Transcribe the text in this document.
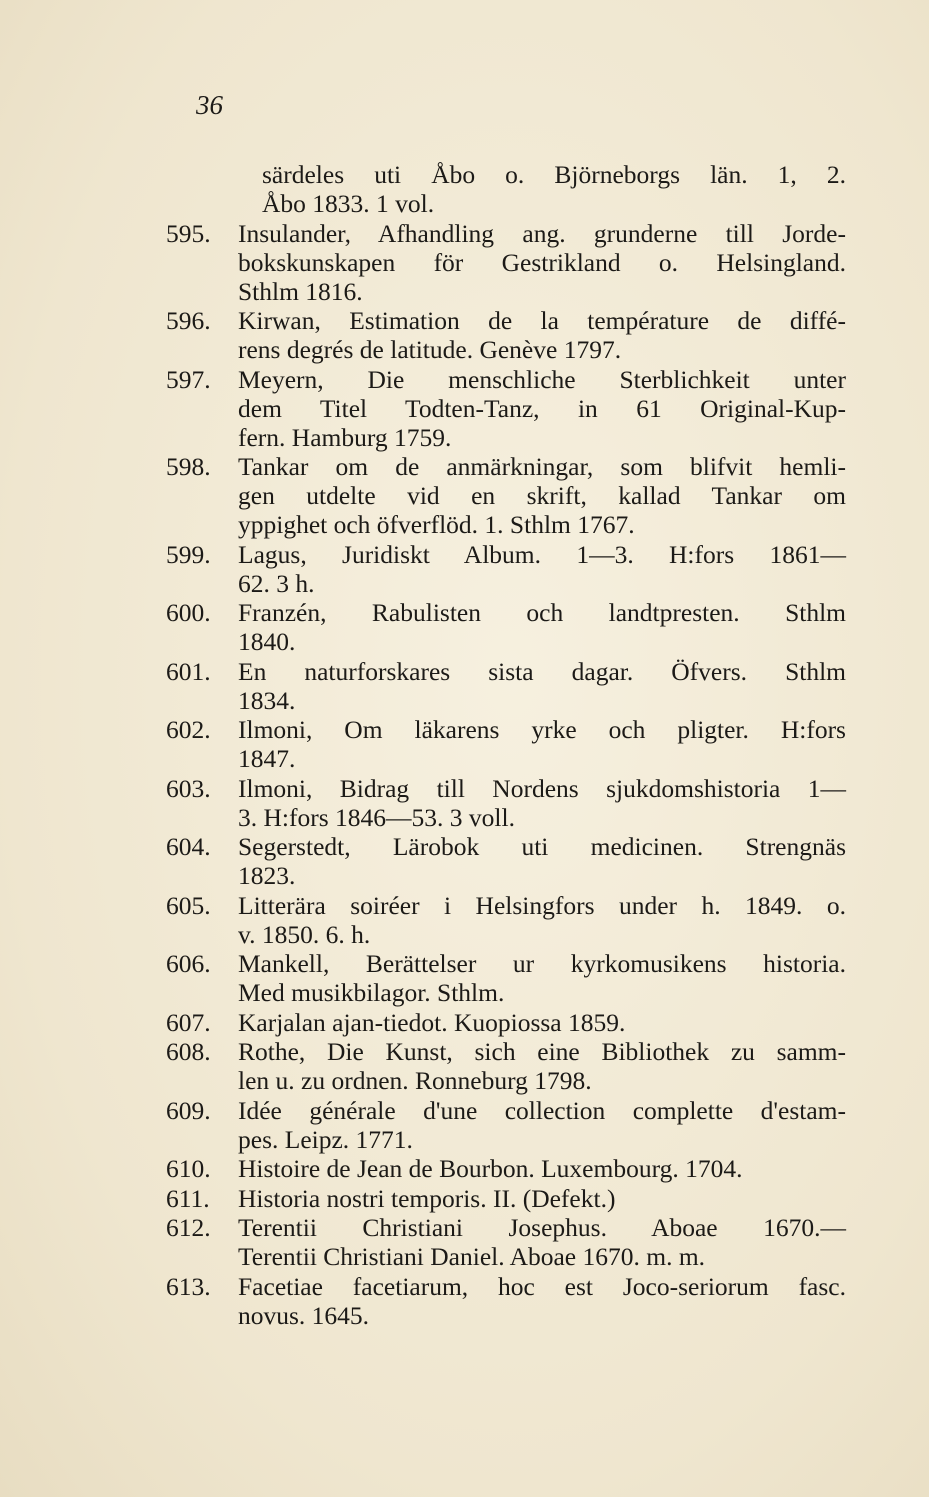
36
särdeles uti Åbo o. Björneborgs län. 1, 2.
Åbo 1833. 1 vol.
595.	Insulander, Afhandling ang. grunderne till Jorde-
bokskunskapen för Gestrikland o. Helsingland.
Sthlm 1816.
596.	Kirwan, Estimation de la température de diffé-
rens degrés de latitude. Genève 1797.
597.	Meyern, Die menschliche Sterblichkeit unter
dem Titel Todten-Tanz, in 61 Original-Kup-
fern. Hamburg 1759.
598.	Tankar om de anmärkningar, som blifvit hemli-
gen utdelte vid en skrift, kallad Tankar om
yppighet och öfverflöd. 1. Sthlm 1767.
599.	Lagus, Juridiskt Album. 1—3. H:fors 1861—
62. 3 h.
600.	Franzén, Rabulisten och landtpresten. Sthlm
1840.
601.	En naturforskares sista dagar. Öfvers. Sthlm
1834.
602.	Ilmoni, Om läkarens yrke och pligter. H:fors
1847.
603.	Ilmoni, Bidrag till Nordens sjukdomshistoria 1—
3. H:fors 1846—53. 3 voll.
604.	Segerstedt, Lärobok uti medicinen. Strengnäs
1823.
605.	Litterära soiréer i Helsingfors under h. 1849. o.
v. 1850. 6. h.
606.	Mankell, Berättelser ur kyrkomusikens historia.
Med musikbilagor. Sthlm.
607.	Karjalan ajan-tiedot. Kuopiossa 1859.
608.	Rothe, Die Kunst, sich eine Bibliothek zu samm-
len u. zu ordnen. Ronneburg 1798.
609.	Idée générale d'une collection complette d'estam-
pes. Leipz. 1771.
610.	Histoire de Jean de Bourbon. Luxembourg. 1704.
611.	Historia nostri temporis. II. (Defekt.)
612.	Terentii Christiani Josephus. Aboae 1670.—
Terentii Christiani Daniel. Aboae 1670. m. m.
613.	Facetiae facetiarum, hoc est Joco-seriorum fasc.
novus. 1645.
